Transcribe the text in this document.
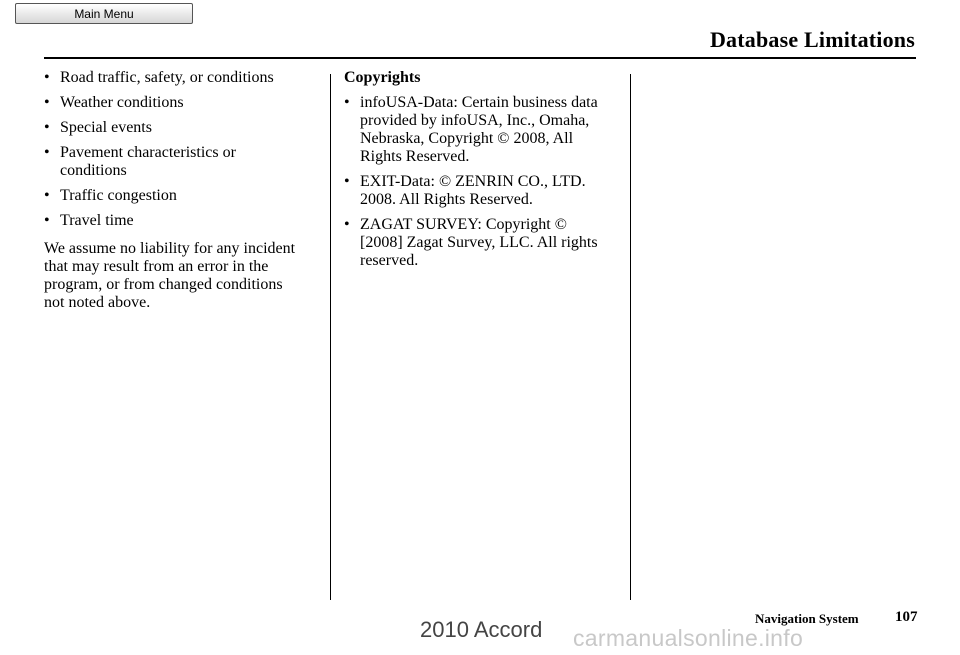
Main Menu
Database Limitations
• Road traffic, safety, or conditions
• Weather conditions
• Special events
• Pavement characteristics or
conditions
• Traffic congestion
• Travel time

We assume no liability for any incident
that may result from an error in the
program, or from changed conditions
not noted above.

Copyrights
• infoUSA-Data: Certain business data
provided by infoUSA, Inc., Omaha,
Nebraska, Copyright © 2008, All
Rights Reserved.
• EXIT-Data: © ZENRIN CO., LTD.
2008. All Rights Reserved.
• ZAGAT SURVEY: Copyright ©
[2008] Zagat Survey, LLC. All rights
reserved.
Navigation System 107
2010 Accord carmanualsonline.info
